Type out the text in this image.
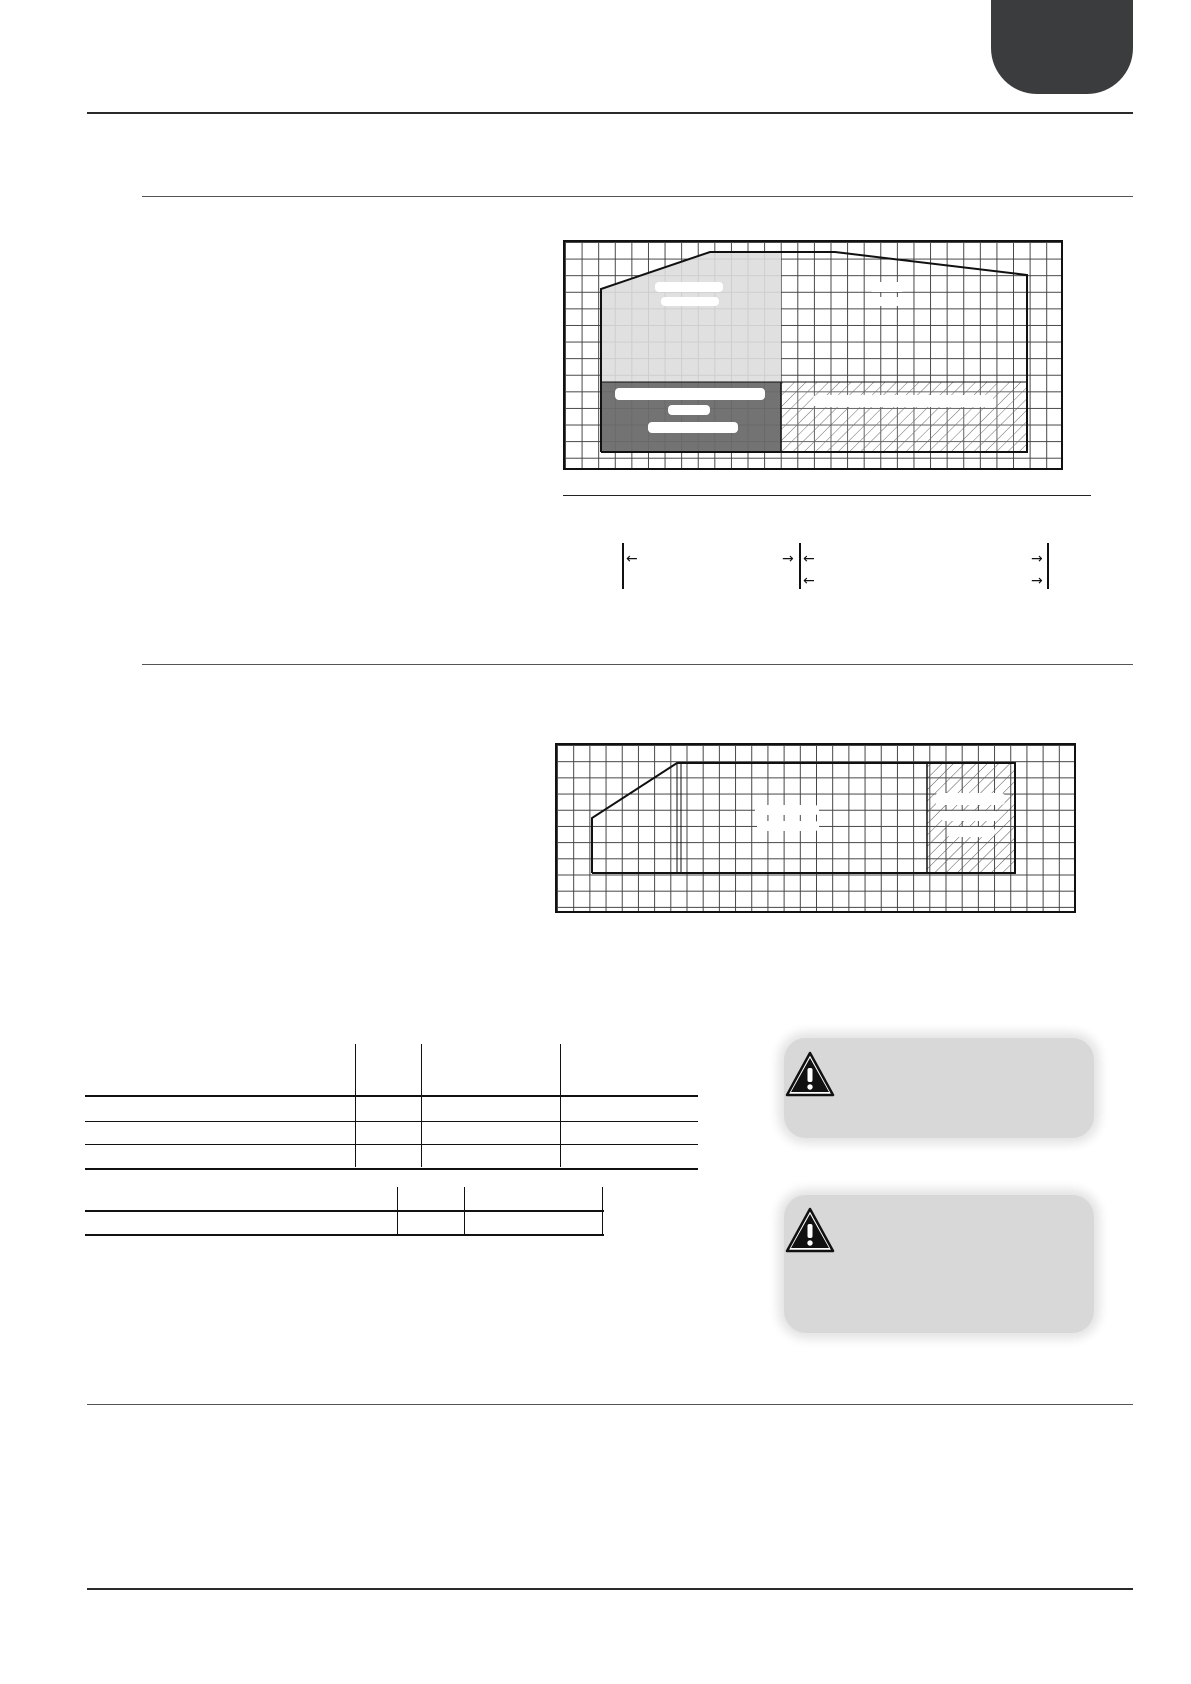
←	→ ←	→
←	→
